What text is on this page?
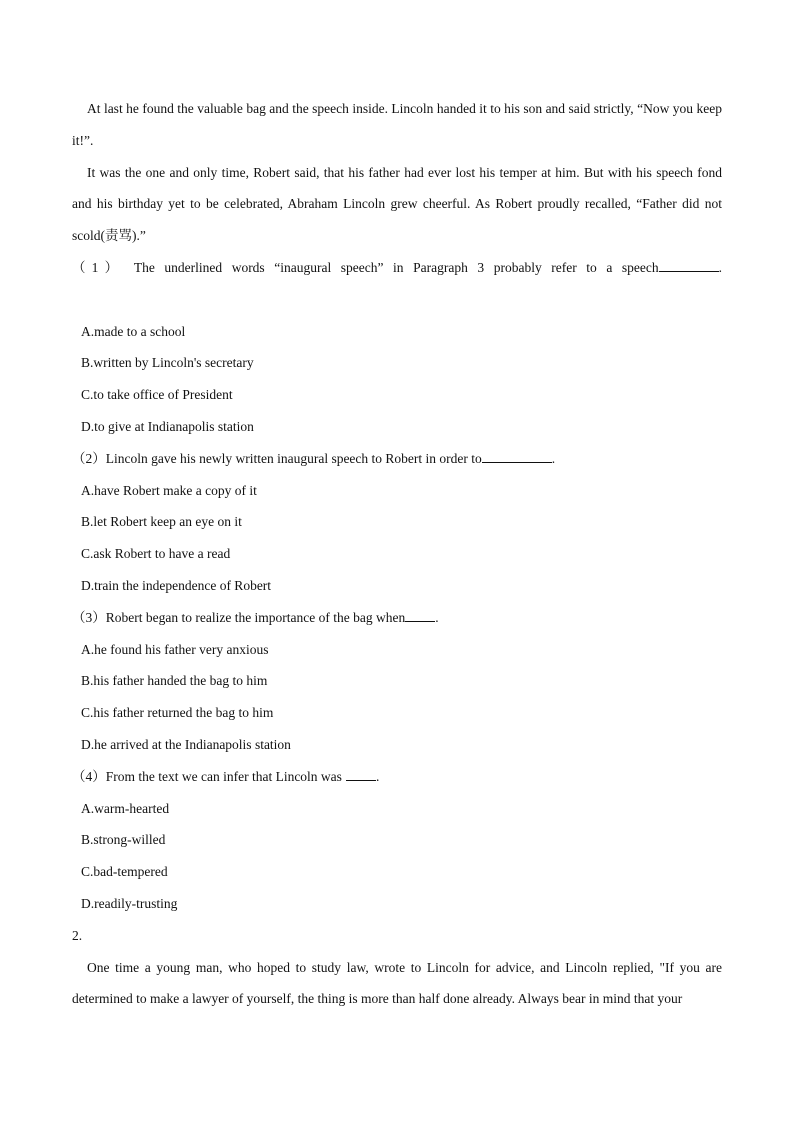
At last he found the valuable bag and the speech inside. Lincoln handed it to his son and said strictly, “Now you keep it!”.

It was the one and only time, Robert said, that his father had ever lost his temper at him. But with his speech fond and his birthday yet to be celebrated, Abraham Lincoln grew cheerful. As Robert proudly recalled, “Father did not scold(责骂).”

（1） The underlined words “inaugural speech” in Paragraph 3 probably refer to a speech	.

A.made to a school

B.written by Lincoln's secretary

C.to take office of President

D.to give at Indianapolis station

（2）Lincoln gave his newly written inaugural speech to Robert in order to	.

A.have Robert make a copy of it

B.let Robert keep an eye on it

C.ask Robert to have a read

D.train the independence of Robert

（3）Robert began to realize the importance of the bag when .

A.he found his father very anxious

B.his father handed the bag to him

C.his father returned the bag to him

D.he arrived at the Indianapolis station

（4）From the text we can infer that Lincoln was	.

A.warm-hearted

B.strong-willed

C.bad-tempered

D.readily-trusting

2.

One time a young man, who hoped to study law, wrote to Lincoln for advice, and Lincoln replied, "If you are determined to make a lawyer of yourself, the thing is more than half done already. Always bear in mind that your
